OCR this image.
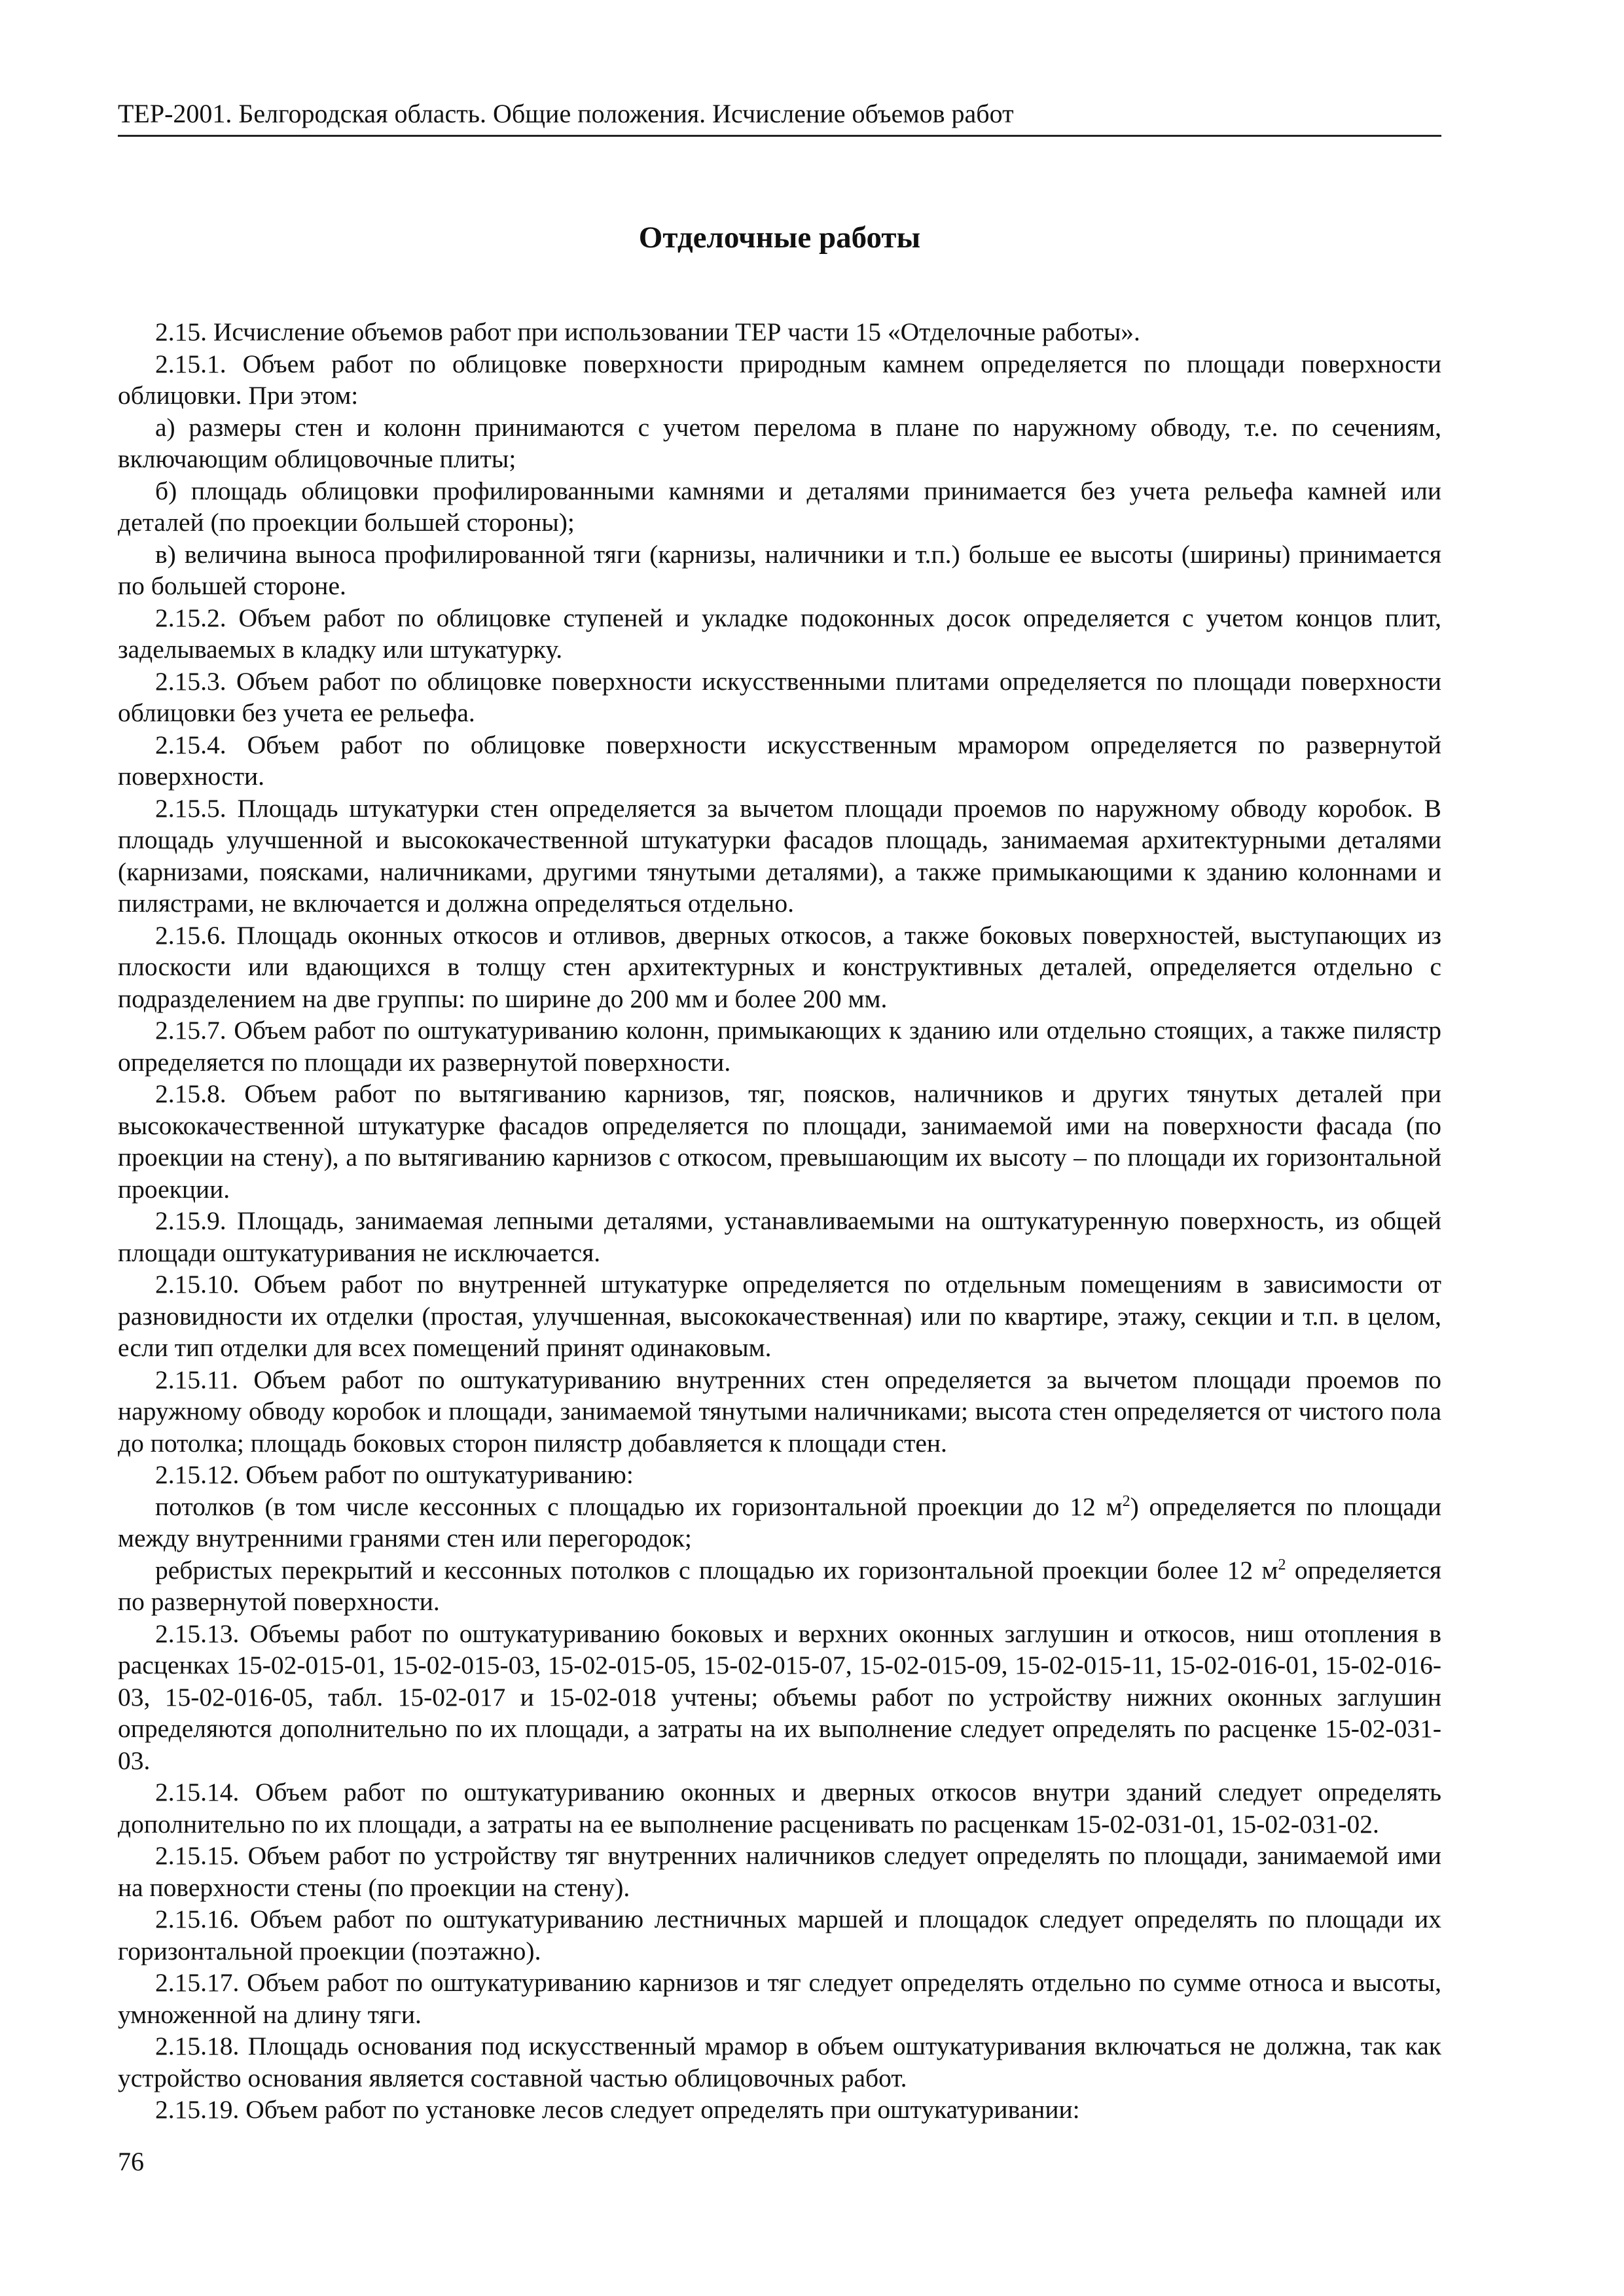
ТЕР-2001. Белгородская область. Общие положения. Исчисление объемов работ
Отделочные работы

2.15. Исчисление объемов работ при использовании ТЕР части 15 «Отделочные работы».

2.15.1. Объем работ по облицовке поверхности природным камнем определяется по площади поверхности облицовки. При этом:

а) размеры стен и колонн принимаются с учетом перелома в плане по наружному обводу, т.е. по сечениям, включающим облицовочные плиты;

б) площадь облицовки профилированными камнями и деталями принимается без учета рельефа камней или деталей (по проекции большей стороны);

в) величина выноса профилированной тяги (карнизы, наличники и т.п.) больше ее высоты (ширины) принимается по большей стороне.

2.15.2. Объем работ по облицовке ступеней и укладке подоконных досок определяется с учетом концов плит, заделываемых в кладку или штукатурку.

2.15.3. Объем работ по облицовке поверхности искусственными плитами определяется по площади поверхности облицовки без учета ее рельефа.

2.15.4. Объем работ по облицовке поверхности искусственным мрамором определяется по развернутой поверхности.

2.15.5. Площадь штукатурки стен определяется за вычетом площади проемов по наружному обводу коробок. В площадь улучшенной и высококачественной штукатурки фасадов площадь, занимаемая архитектурными деталями (карнизами, поясками, наличниками, другими тянутыми деталями), а также примыкающими к зданию колоннами и пилястрами, не включается и должна определяться отдельно.

2.15.6. Площадь оконных откосов и отливов, дверных откосов, а также боковых поверхностей, выступающих из плоскости или вдающихся в толщу стен архитектурных и конструктивных деталей, определяется отдельно с подразделением на две группы: по ширине до 200 мм и более 200 мм.

2.15.7. Объем работ по оштукатуриванию колонн, примыкающих к зданию или отдельно стоящих, а также пилястр определяется по площади их развернутой поверхности.

2.15.8. Объем работ по вытягиванию карнизов, тяг, поясков, наличников и других тянутых деталей при высококачественной штукатурке фасадов определяется по площади, занимаемой ими на поверхности фасада (по проекции на стену), а по вытягиванию карнизов с откосом, превышающим их высоту – по площади их горизонтальной проекции.

2.15.9. Площадь, занимаемая лепными деталями, устанавливаемыми на оштукатуренную поверхность, из общей площади оштукатуривания не исключается.

2.15.10. Объем работ по внутренней штукатурке определяется по отдельным помещениям в зависимости от разновидности их отделки (простая, улучшенная, высококачественная) или по квартире, этажу, секции и т.п. в целом, если тип отделки для всех помещений принят одинаковым.

2.15.11. Объем работ по оштукатуриванию внутренних стен определяется за вычетом площади проемов по наружному обводу коробок и площади, занимаемой тянутыми наличниками; высота стен определяется от чистого пола до потолка; площадь боковых сторон пилястр добавляется к площади стен.

2.15.12. Объем работ по оштукатуриванию:

потолков (в том числе кессонных с площадью их горизонтальной проекции до 12 $м^2$) определяется по площади между внутренними гранями стен или перегородок;

ребристых перекрытий и кессонных потолков с площадью их горизонтальной проекции более 12 $м^2$ определяется по развернутой поверхности.

2.15.13. Объемы работ по оштукатуриванию боковых и верхних оконных заглушин и откосов, ниш отопления в расценках 15-02-015-01, 15-02-015-03, 15-02-015-05, 15-02-015-07, 15-02-015-09, 15-02-015-11, 15-02-016-01, 15-02-016-03, 15-02-016-05, табл. 15-02-017 и 15-02-018 учтены; объемы работ по устройству нижних оконных заглушин определяются дополнительно по их площади, а затраты на их выполнение следует определять по расценке 15-02-031-03.

2.15.14. Объем работ по оштукатуриванию оконных и дверных откосов внутри зданий следует определять дополнительно по их площади, а затраты на ее выполнение расценивать по расценкам 15-02-031-01, 15-02-031-02.

2.15.15. Объем работ по устройству тяг внутренних наличников следует определять по площади, занимаемой ими на поверхности стены (по проекции на стену).

2.15.16. Объем работ по оштукатуриванию лестничных маршей и площадок следует определять по площади их горизонтальной проекции (поэтажно).

2.15.17. Объем работ по оштукатуриванию карнизов и тяг следует определять отдельно по сумме относа и высоты, умноженной на длину тяги.

2.15.18. Площадь основания под искусственный мрамор в объем оштукатуривания включаться не должна, так как устройство основания является составной частью облицовочных работ.

2.15.19. Объем работ по установке лесов следует определять при оштукатуривании:

76
